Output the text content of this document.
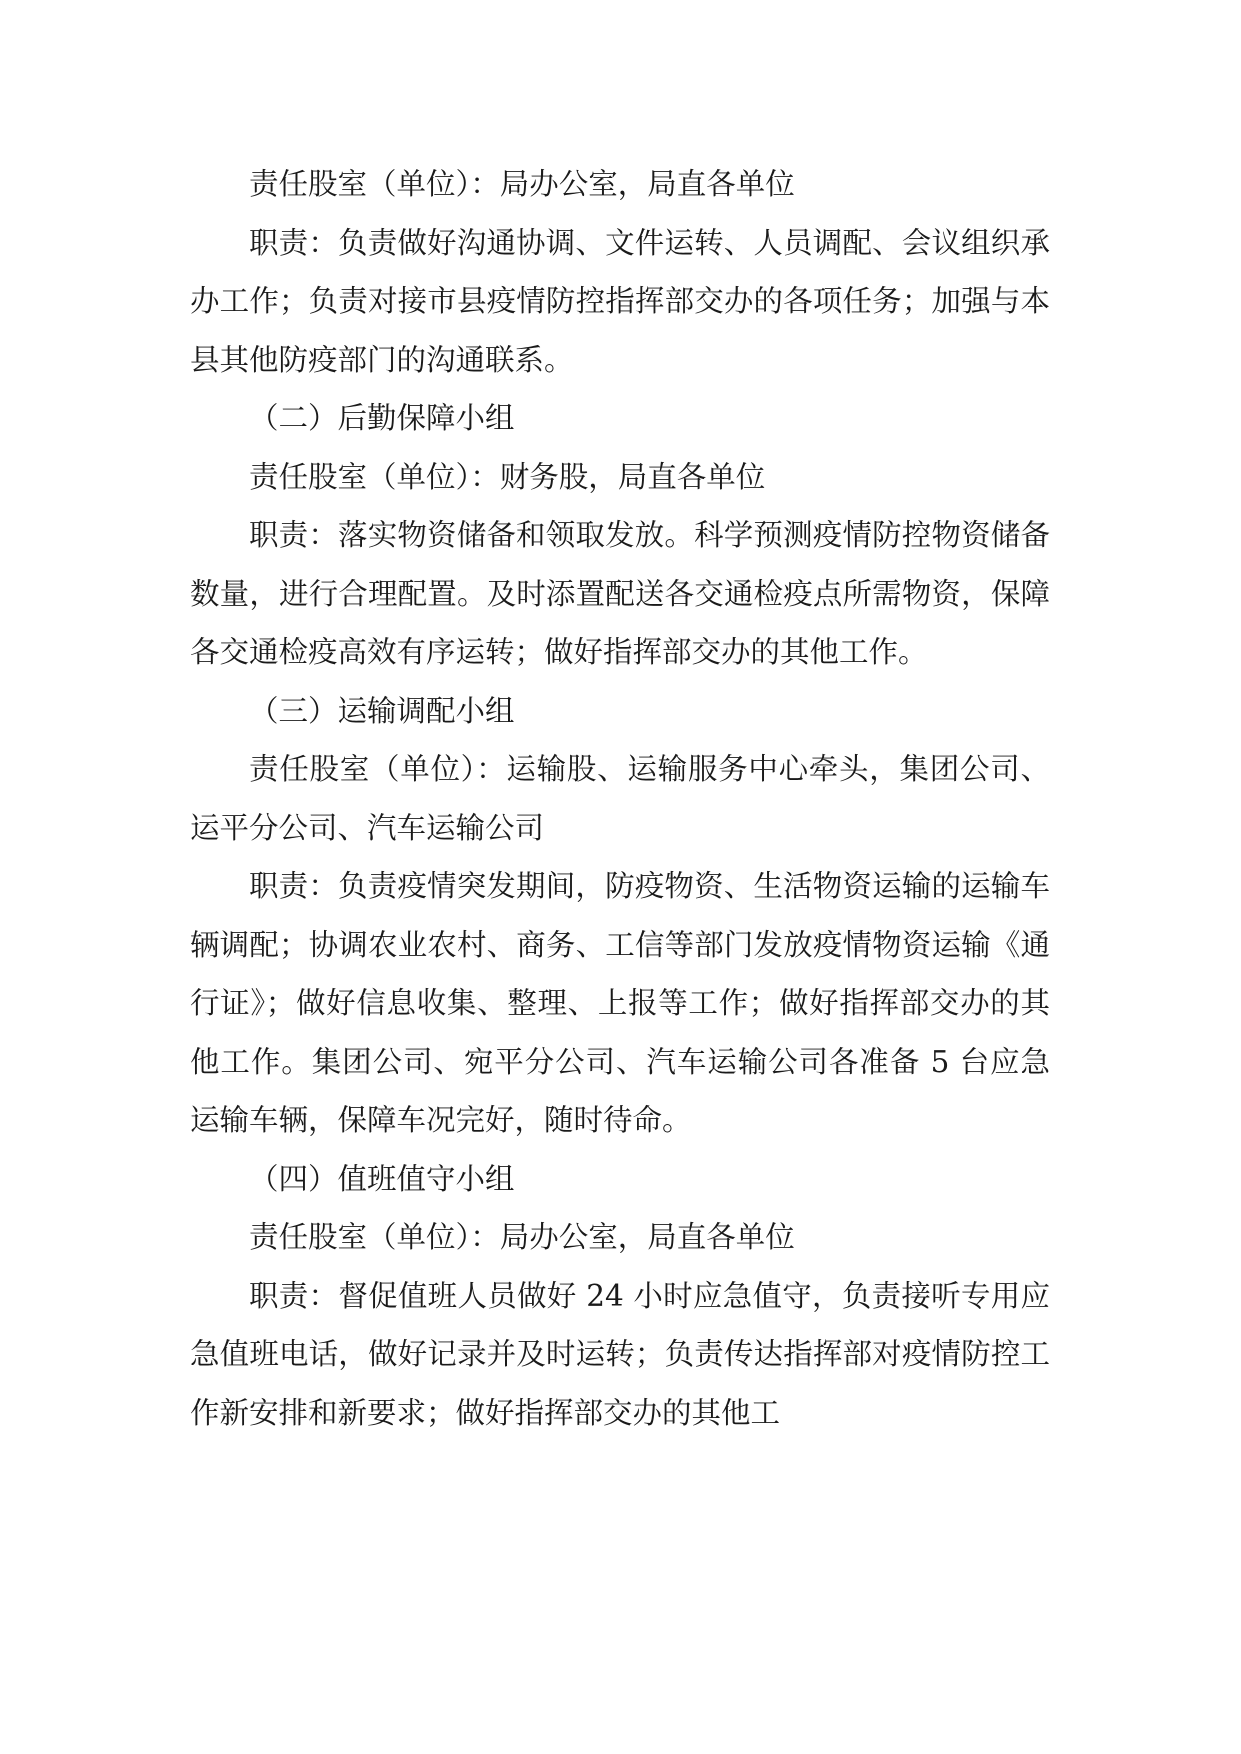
责任股室（单位）：局办公室，局直各单位

职责：负责做好沟通协调、文件运转、人员调配、会议组织承办工作；负责对接市县疫情防控指挥部交办的各项任务；加强与本县其他防疫部门的沟通联系。

（二）后勤保障小组

责任股室（单位）：财务股，局直各单位

职责：落实物资储备和领取发放。科学预测疫情防控物资储备数量，进行合理配置。及时添置配送各交通检疫点所需物资，保障各交通检疫高效有序运转；做好指挥部交办的其他工作。

（三）运输调配小组

责任股室（单位）：运输股、运输服务中心牵头，集团公司、运平分公司、汽车运输公司

职责：负责疫情突发期间，防疫物资、生活物资运输的运输车辆调配；协调农业农村、商务、工信等部门发放疫情物资运输《通行证》；做好信息收集、整理、上报等工作；做好指挥部交办的其他工作。集团公司、宛平分公司、汽车运输公司各准备 5 台应急运输车辆，保障车况完好，随时待命。

（四）值班值守小组

责任股室（单位）：局办公室，局直各单位

职责：督促值班人员做好 24 小时应急值守，负责接听专用应急值班电话，做好记录并及时运转；负责传达指挥部对疫情防控工作新安排和新要求；做好指挥部交办的其他工
